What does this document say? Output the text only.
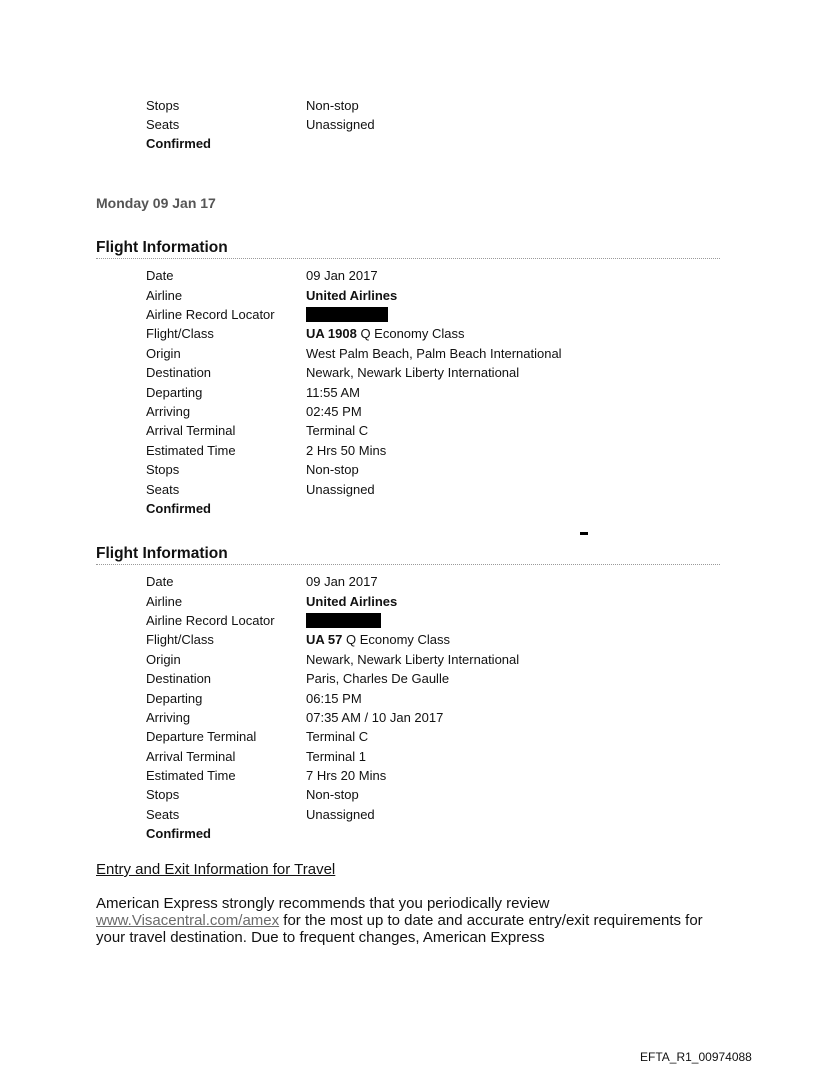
Stops	Non-stop
Seats	Unassigned
Confirmed
Monday 09 Jan 17
Flight Information
Date	09 Jan 2017
Airline	United Airlines
Airline Record Locator
Flight/Class	UA 1908 Q Economy Class
Origin	West Palm Beach, Palm Beach International
Destination	Newark, Newark Liberty International
Departing	11:55 AM
Arriving	02:45 PM
Arrival Terminal	Terminal C
Estimated Time	2 Hrs 50 Mins
Stops	Non-stop
Seats	Unassigned
Confirmed
Flight Information
Date	09 Jan 2017
Airline	United Airlines
Airline Record Locator
Flight/Class	UA 57 Q Economy Class
Origin	Newark, Newark Liberty International
Destination	Paris, Charles De Gaulle
Departing	06:15 PM
Arriving	07:35 AM / 10 Jan 2017
Departure Terminal	Terminal C
Arrival Terminal	Terminal 1
Estimated Time	7 Hrs 20 Mins
Stops	Non-stop
Seats	Unassigned
Confirmed
Entry and Exit Information for Travel
American Express strongly recommends that you periodically review www.Visacentral.com/amex for the most up to date and accurate entry/exit requirements for your travel destination. Due to frequent changes, American Express
EFTA_R1_00974088
